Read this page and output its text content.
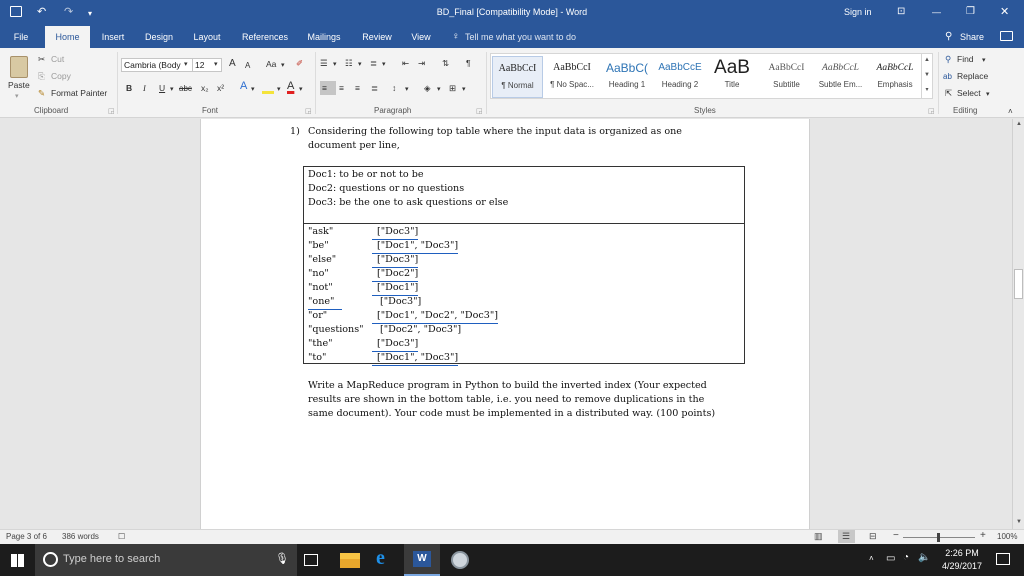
↶ ↷ ▾	BD_Final [Compatibility Mode] - Word	Sign in	⊡	—	❐ ✕
File	Home	Insert	Design	Layout	References	Mailings	Review	View	♀ Tell me what you want to do	⚲ Share
Paste
▾
✂ Cut
⎘ Copy
✎ Format Painter
Clipboard	◲
Cambria (Body ▾ 12	▾ A A Aa ▾ ✐
B I U ▾ abc x₂ x² A ▾	▾ A ▾
Font	◲
☰ ▾ ☷ ▾ ≣ ▾ ⇤ ⇥ ⇅ ¶
≡ ≡ ≡ ≣ ↕ ▾ ◈ ▾ ⊞ ▾
Paragraph	◲
AaBbCcI
¶ Normal
AaBbCcI
¶ No Spac...
AaBbC(
Heading 1
AaBbCcE
Heading 2
AaB
Title
AaBbCcI
Subtitle
AaBbCcL
Subtle Em...
AaBbCcL
Emphasis
▲
▼
▾
Styles	◲
⚲ Find ▾
ab Replace
⇱ Select ▾
Editing	˄
1) Considering the following top table where the input data is organized as one
document per line,
Doc1: to be or not to be
Doc2: questions or no questions
Doc3: be the one to ask questions or else
"ask"	["Doc3"]
"be"	["Doc1", "Doc3"]
"else"	["Doc3"]
"no"	["Doc2"]
"not"	["Doc1"]
"one"	["Doc3"]
"or"	["Doc1", "Doc2", "Doc3"]
"questions" ["Doc2", "Doc3"]
"the"	["Doc3"]
"to"	["Doc1", "Doc3"]
Write a MapReduce program in Python to build the inverted index (Your expected
results are shown in the bottom table, i.e. you need to remove duplications in the
same document). Your code must be implemented in a distributed way. (100 points)
▲
▼
Page 3 of 6 386 words ☐	▥ ☰ ⊟ −	+ 100%
Type here to search	🎙	e	W	˄ ▭ ◔ 🔈	2:26 PM
4/29/2017
